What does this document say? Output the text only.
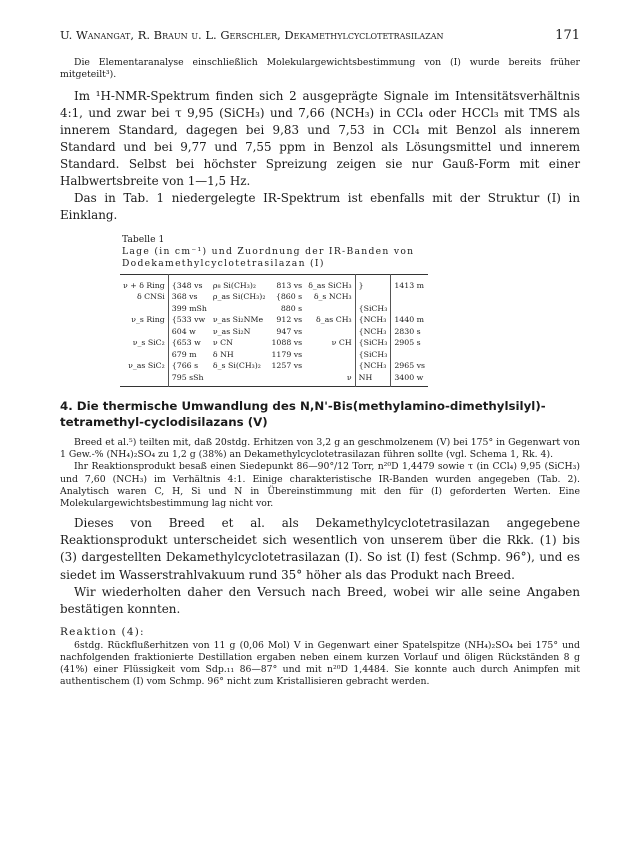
U. Wanangat, R. Braun u. L. Gerschler, Dekamethylcyclotetrasilazan	171

Die Elementaranalyse einschließlich Molekulargewichtsbestimmung von (I) wurde bereits früher mitgeteilt³).

Im ¹H-NMR-Spektrum finden sich 2 ausgeprägte Signale im Intensitätsverhältnis 4:1, und zwar bei τ 9,95 (SiCH₃) und 7,66 (NCH₃) in CCl₄ oder HCCl₃ mit TMS als innerem Standard, dagegen bei 9,83 und 7,53 in CCl₄ mit Benzol als innerem Standard und bei 9,77 und 7,55 ppm in Benzol als Lösungsmittel und innerem Standard. Selbst bei höchster Spreizung zeigen sie nur Gauß-Form mit einer Halbwertsbreite von 1—1,5 Hz.

Das in Tab. 1 niedergelegte IR-Spektrum ist ebenfalls mit der Struktur (I) in Einklang.

Tabelle 1
Lage (in cm⁻¹) und Zuordnung der IR-Banden von Dodekamethylcyclotetrasilazan (I)
ν + δ Ring	{348 vs	ρ₈ Si(CH₃)₂	813 vs	δ_as SiCH₃	}	1413 m
δ CNSi	368 vs	ρ_as Si(CH₃)₂	{860 s	δ_s NCH₃		
	399 mSh		880 s		{SiCH₃	
ν_s Ring	{533 vw	ν_as Si₂NMe	912 vs	δ_as CH₃	{NCH₃	1440 m
	604 w	ν_as Si₂N	947 vs		{NCH₃	2830 s
ν_s SiC₂	{653 w	ν CN	1088 vs	ν CH	{SiCH₃	2905 s
	679 m	δ NH	1179 vs		{SiCH₃	
ν_as SiC₂	{766 s	δ_s Si(CH₃)₂	1257 vs		{NCH₃	2965 vs
	795 sSh			ν	NH	3400 w
4. Die thermische Umwandlung des N,N'-Bis(methylamino-dimethylsilyl)-tetramethyl-cyclodisilazans (V)

Breed et al.⁵) teilten mit, daß 20stdg. Erhitzen von 3,2 g an geschmolzenem (V) bei 175° in Gegenwart von 1 Gew.-% (NH₄)₂SO₄ zu 1,2 g (38%) an Dekamethylcyclotetrasilazan führen sollte (vgl. Schema 1, Rk. 4).

Ihr Reaktionsprodukt besaß einen Siedepunkt 86—90°/12 Torr, n²⁰D 1,4479 sowie τ (in CCl₄) 9,95 (SiCH₃) und 7,60 (NCH₃) im Verhältnis 4:1. Einige charakteristische IR-Banden wurden angegeben (Tab. 2). Analytisch waren C, H, Si und N in Übereinstimmung mit den für (I) geforderten Werten. Eine Molekulargewichtsbestimmung lag nicht vor.

Dieses von Breed et al. als Dekamethylcyclotetrasilazan angegebene Reaktionsprodukt unterscheidet sich wesentlich von unserem über die Rkk. (1) bis (3) dargestellten Dekamethylcyclotetrasilazan (I). So ist (I) fest (Schmp. 96°), und es siedet im Wasserstrahlvakuum rund 35° höher als das Produkt nach Breed.

Wir wiederholten daher den Versuch nach Breed, wobei wir alle seine Angaben bestätigen konnten.

Reaktion (4):

6stdg. Rückflußerhitzen von 11 g (0,06 Mol) V in Gegenwart einer Spatelspitze (NH₄)₂SO₄ bei 175° und nachfolgenden fraktionierte Destillation ergaben neben einem kurzen Vorlauf und öligen Rückständen 8 g (41%) einer Flüssigkeit vom Sdp.₁₁ 86—87° und mit n²⁰D 1,4484. Sie konnte auch durch Animpfen mit authentischem (I) vom Schmp. 96° nicht zum Kristallisieren gebracht werden.
